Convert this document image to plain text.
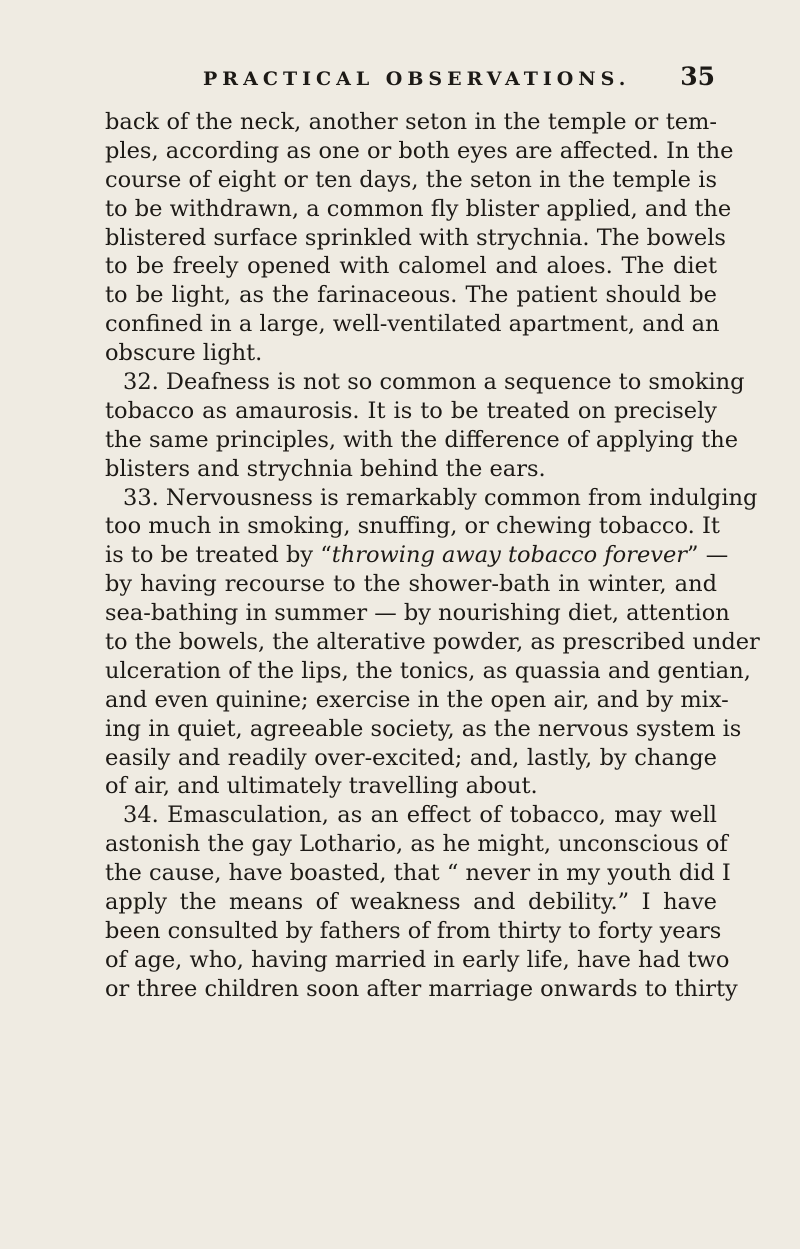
PRACTICAL OBSERVATIONS. 35
back of the neck, another seton in the temple or tem-
ples, according as one or both eyes are affected. In the
course of eight or ten days, the seton in the temple is
to be withdrawn, a common fly blister applied, and the
blistered surface sprinkled with strychnia. The bowels
to be freely opened with calomel and aloes. The diet
to be light, as the farinaceous. The patient should be
confined in a large, well-ventilated apartment, and an
obscure light.
32. Deafness is not so common a sequence to smoking
tobacco as amaurosis. It is to be treated on precisely
the same principles, with the difference of applying the
blisters and strychnia behind the ears.
33. Nervousness is remarkably common from indulging
too much in smoking, snuffing, or chewing tobacco. It
is to be treated by “throwing away tobacco forever” —
by having recourse to the shower-bath in winter, and
sea-bathing in summer — by nourishing diet, attention
to the bowels, the alterative powder, as prescribed under
ulceration of the lips, the tonics, as quassia and gentian,
and even quinine; exercise in the open air, and by mix-
ing in quiet, agreeable society, as the nervous system is
easily and readily over-excited; and, lastly, by change
of air, and ultimately travelling about.
34. Emasculation, as an effect of tobacco, may well
astonish the gay Lothario, as he might, unconscious of
the cause, have boasted, that “ never in my youth did I
apply the means of weakness and debility.” I have
been consulted by fathers of from thirty to forty years
of age, who, having married in early life, have had two
or three children soon after marriage onwards to thirty
